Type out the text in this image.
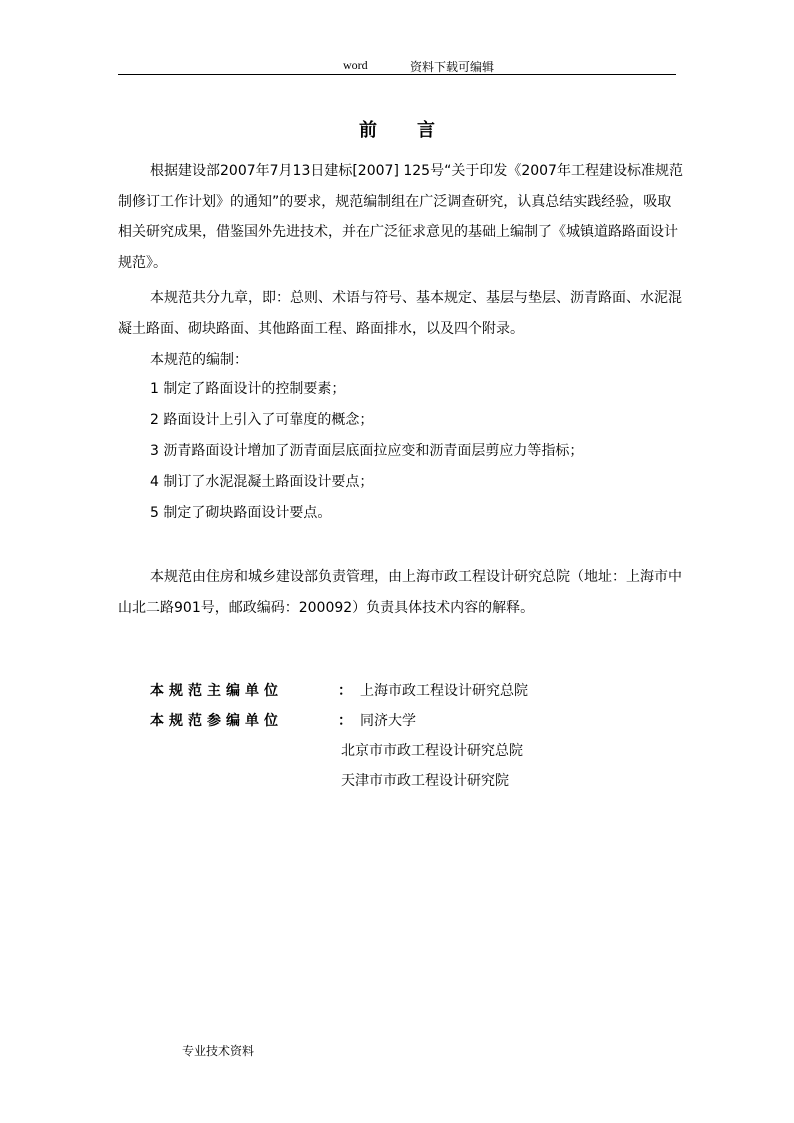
word	资料下载可编辑
前言
根据建设部2007年7月13日建标[2007] 125号“关于印发《2007年工程建设标准规范制修订工作计划》的通知”的要求，规范编制组在广泛调查研究，认真总结实践经验，吸取相关研究成果，借鉴国外先进技术，并在广泛征求意见的基础上编制了《城镇道路路面设计规范》。
本规范共分九章，即：总则、术语与符号、基本规定、基层与垫层、沥青路面、水泥混凝土路面、砌块路面、其他路面工程、路面排水，以及四个附录。
本规范的编制：
1 制定了路面设计的控制要素；
2 路面设计上引入了可靠度的概念；
3 沥青路面设计增加了沥青面层底面拉应变和沥青面层剪应力等指标；
4 制订了水泥混凝土路面设计要点；
5 制定了砌块路面设计要点。
本规范由住房和城乡建设部负责管理，由上海市政工程设计研究总院（地址：上海市中山北二路901号，邮政编码：200092）负责具体技术内容的解释。
本规范主编单位	： 上海市政工程设计研究总院
本规范参编单位	： 同济大学
北京市市政工程设计研究总院
天津市市政工程设计研究院
专业技术资料
